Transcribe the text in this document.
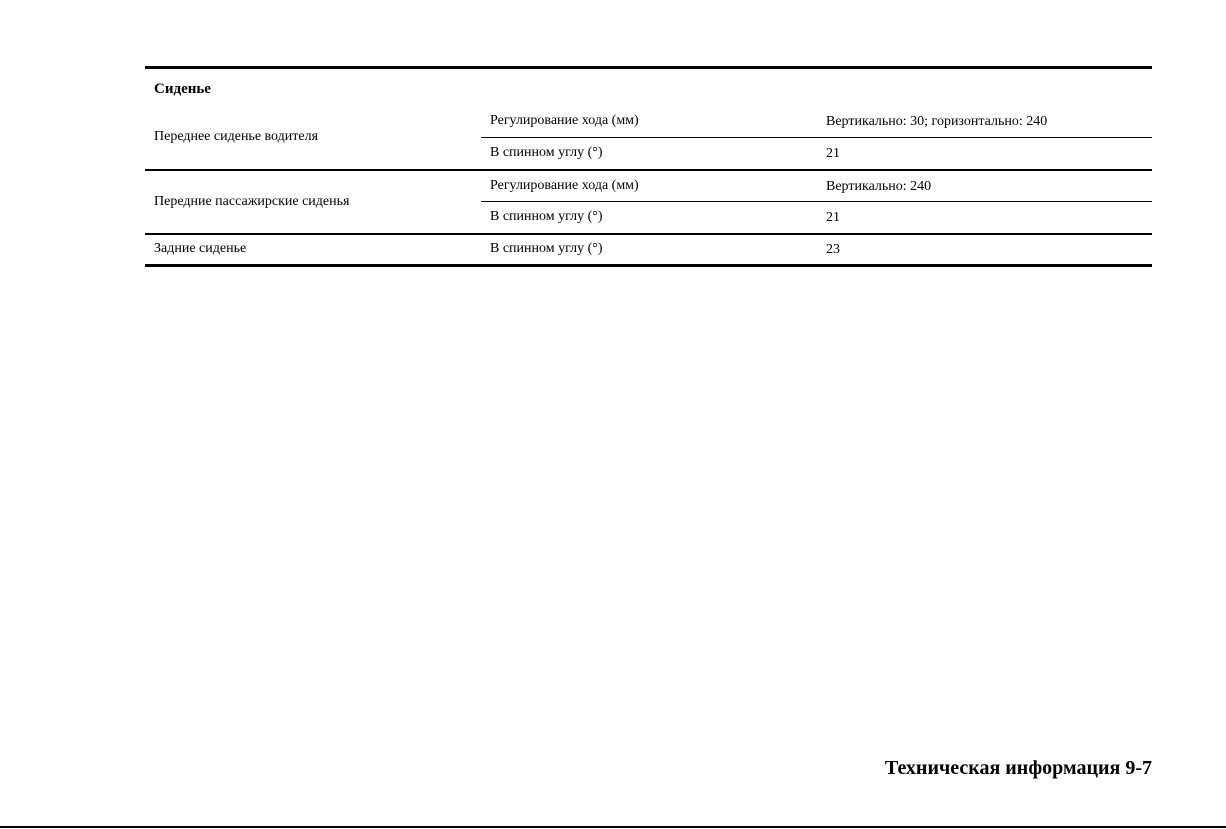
Сиденье		
Переднее сиденье водителя	Регулирование хода (мм)	Вертикально: 30; горизонтально: 240
	В спинном углу (°)	21
Передние пассажирские сиденья	Регулирование хода (мм)	Вертикально: 240
	В спинном углу (°)	21
Задние сиденье	В спинном углу (°)	23
Техническая информация 9-7
